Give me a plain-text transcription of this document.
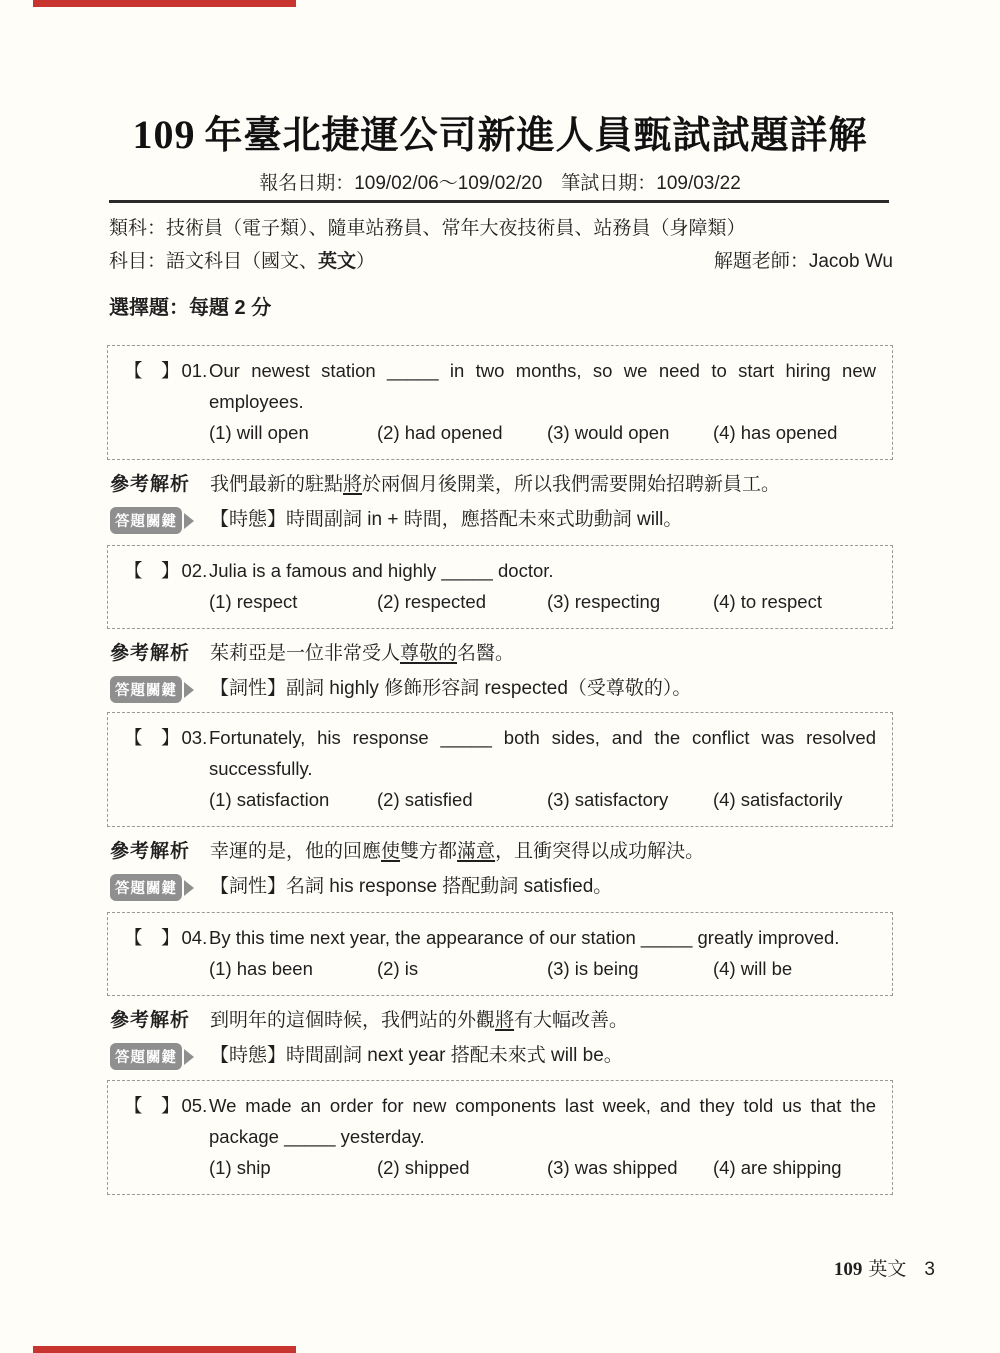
109 年臺北捷運公司新進人員甄試試題詳解
報名日期：109/02/06～109/02/20　筆試日期：109/03/22
類科：技術員（電子類）、隨車站務員、常年大夜技術員、站務員（身障類）
科目：語文科目（國文、英文）	解題老師：Jacob Wu
選擇題：每題 2 分
【　】 01. Our newest station _____ in two months, so we need to start hiring new
employees.
(1) will open	(2) had opened	(3) would open	(4) has opened
參考解析	我們最新的駐點將於兩個月後開業，所以我們需要開始招聘新員工。
答題關鍵 【時態】時間副詞 in + 時間，應搭配未來式助動詞 will。
【　】 02. Julia is a famous and highly _____ doctor.
(1) respect	(2) respected	(3) respecting	(4) to respect
參考解析	茱莉亞是一位非常受人尊敬的名醫。
答題關鍵 【詞性】副詞 highly 修飾形容詞 respected（受尊敬的）。
【　】 03. Fortunately, his response _____ both sides, and the conflict was resolved
successfully.
(1) satisfaction	(2) satisfied	(3) satisfactory	(4) satisfactorily
參考解析	幸運的是，他的回應使雙方都滿意，且衝突得以成功解決。
答題關鍵 【詞性】名詞 his response 搭配動詞 satisfied。
【　】 04. By this time next year, the appearance of our station _____ greatly improved.
(1) has been	(2) is	(3) is being	(4) will be
參考解析	到明年的這個時候，我們站的外觀將有大幅改善。
答題關鍵 【時態】時間副詞 next year 搭配未來式 will be。
【　】 05. We made an order for new components last week, and they told us that the
package _____ yesterday.
(1) ship	(2) shipped	(3) was shipped	(4) are shipping
109 英文 3
